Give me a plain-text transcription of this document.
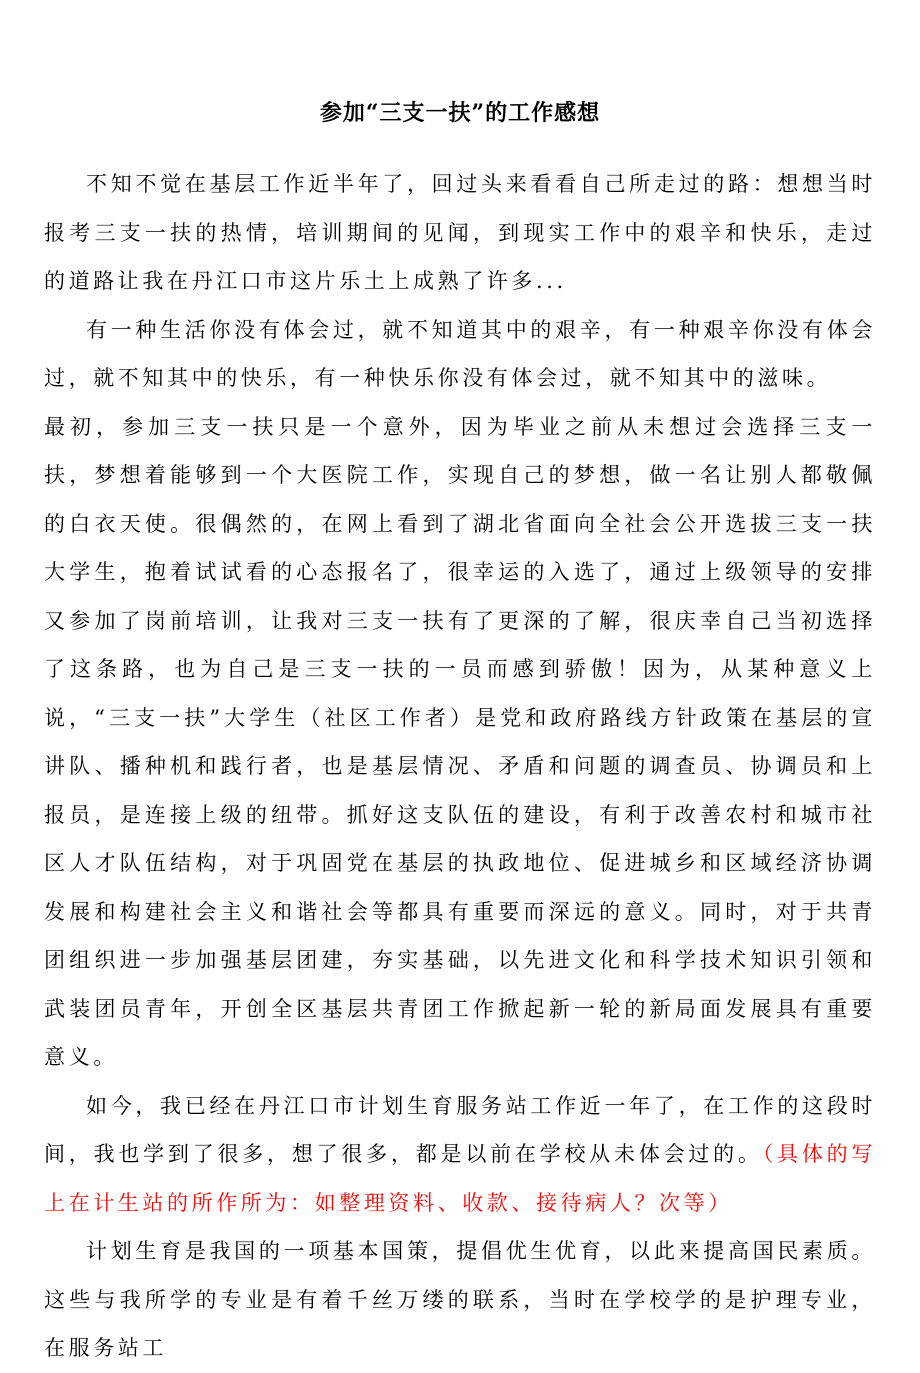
参加“三支一扶”的工作感想

不知不觉在基层工作近半年了，回过头来看看自己所走过的路：想想当时报考三支一扶的热情，培训期间的见闻，到现实工作中的艰辛和快乐，走过的道路让我在丹江口市这片乐土上成熟了许多...

有一种生活你没有体会过，就不知道其中的艰辛，有一种艰辛你没有体会过，就不知其中的快乐，有一种快乐你没有体会过，就不知其中的滋味。

最初，参加三支一扶只是一个意外，因为毕业之前从未想过会选择三支一扶，梦想着能够到一个大医院工作，实现自己的梦想，做一名让别人都敬佩的白衣天使。很偶然的，在网上看到了湖北省面向全社会公开选拔三支一扶大学生，抱着试试看的心态报名了，很幸运的入选了，通过上级领导的安排又参加了岗前培训，让我对三支一扶有了更深的了解，很庆幸自己当初选择了这条路，也为自己是三支一扶的一员而感到骄傲！因为，从某种意义上说，“三支一扶”大学生（社区工作者）是党和政府路线方针政策在基层的宣讲队、播种机和践行者，也是基层情况、矛盾和问题的调查员、协调员和上报员，是连接上级的纽带。抓好这支队伍的建设，有利于改善农村和城市社区人才队伍结构，对于巩固党在基层的执政地位、促进城乡和区域经济协调发展和构建社会主义和谐社会等都具有重要而深远的意义。同时，对于共青团组织进一步加强基层团建，夯实基础，以先进文化和科学技术知识引领和武装团员青年，开创全区基层共青团工作掀起新一轮的新局面发展具有重要意义。

如今，我已经在丹江口市计划生育服务站工作近一年了，在工作的这段时间，我也学到了很多，想了很多，都是以前在学校从未体会过的。（具体的写上在计生站的所作所为：如整理资料、收款、接待病人？次等）

计划生育是我国的一项基本国策，提倡优生优育，以此来提高国民素质。这些与我所学的专业是有着千丝万缕的联系，当时在学校学的是护理专业，在服务站工
